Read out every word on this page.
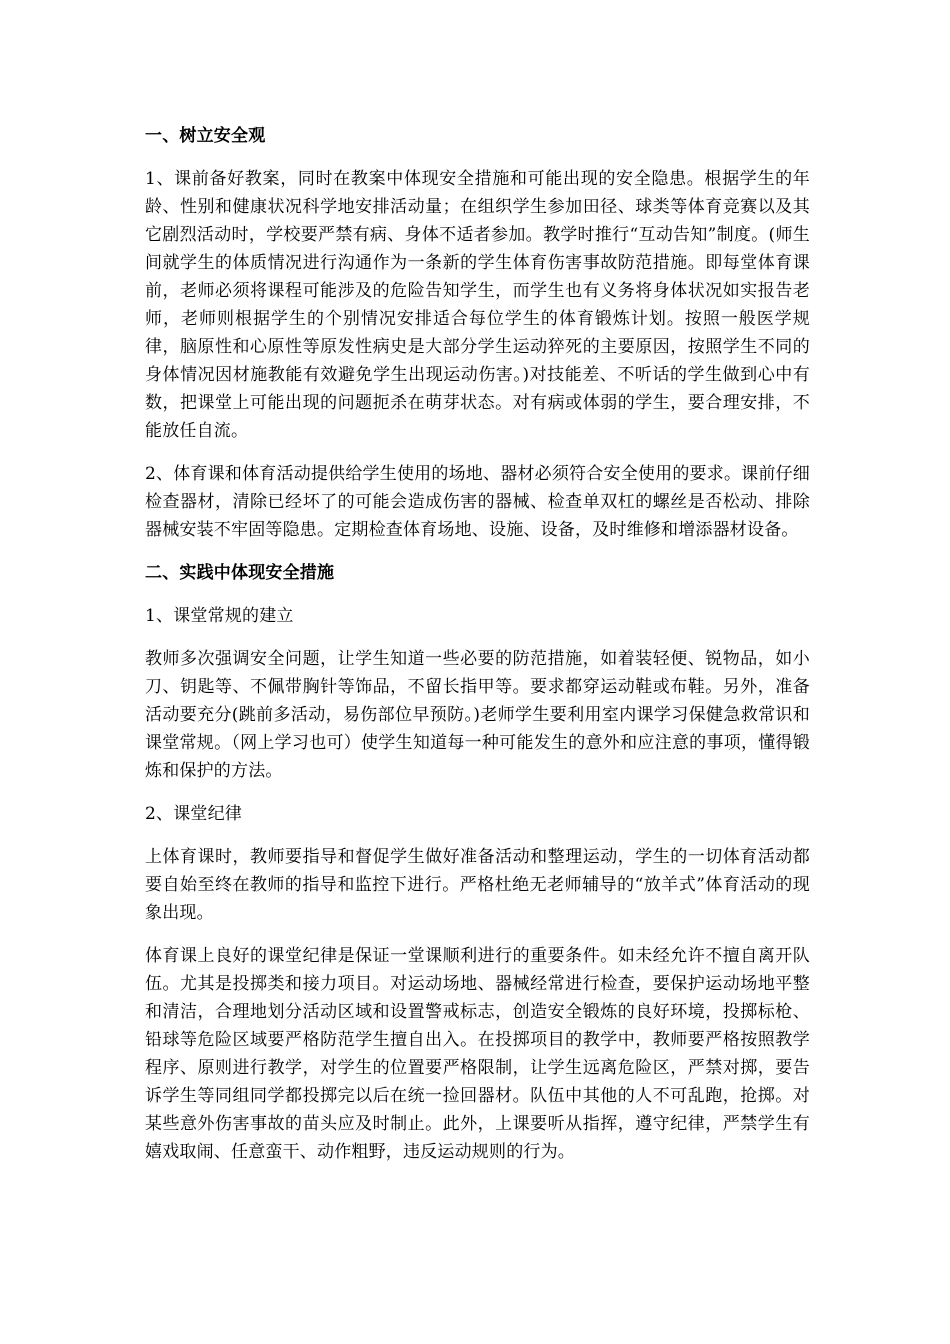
一、树立安全观
1、课前备好教案，同时在教案中体现安全措施和可能出现的安全隐患。根据学生的年龄、性别和健康状况科学地安排活动量；在组织学生参加田径、球类等体育竞赛以及其它剧烈活动时，学校要严禁有病、身体不适者参加。教学时推行“互动告知”制度。(师生间就学生的体质情况进行沟通作为一条新的学生体育伤害事故防范措施。即每堂体育课前，老师必须将课程可能涉及的危险告知学生，而学生也有义务将身体状况如实报告老师，老师则根据学生的个别情况安排适合每位学生的体育锻炼计划。按照一般医学规律，脑原性和心原性等原发性病史是大部分学生运动猝死的主要原因，按照学生不同的身体情况因材施教能有效避免学生出现运动伤害。)对技能差、不听话的学生做到心中有数，把课堂上可能出现的问题扼杀在萌芽状态。对有病或体弱的学生，要合理安排，不能放任自流。
2、体育课和体育活动提供给学生使用的场地、器材必须符合安全使用的要求。课前仔细检查器材，清除已经坏了的可能会造成伤害的器械、检查单双杠的螺丝是否松动、排除器械安装不牢固等隐患。定期检查体育场地、设施、设备，及时维修和增添器材设备。
二、实践中体现安全措施
1、课堂常规的建立
教师多次强调安全问题，让学生知道一些必要的防范措施，如着装轻便、锐物品，如小刀、钥匙等、不佩带胸针等饰品，不留长指甲等。要求都穿运动鞋或布鞋。另外，准备活动要充分(跳前多活动，易伤部位早预防。)老师学生要利用室内课学习保健急救常识和课堂常规。（网上学习也可）使学生知道每一种可能发生的意外和应注意的事项，懂得锻炼和保护的方法。
2、课堂纪律
上体育课时，教师要指导和督促学生做好准备活动和整理运动，学生的一切体育活动都要自始至终在教师的指导和监控下进行。严格杜绝无老师辅导的“放羊式”体育活动的现象出现。
体育课上良好的课堂纪律是保证一堂课顺利进行的重要条件。如未经允许不擅自离开队伍。尤其是投掷类和接力项目。对运动场地、器械经常进行检查，要保护运动场地平整和清洁，合理地划分活动区域和设置警戒标志，创造安全锻炼的良好环境，投掷标枪、铅球等危险区域要严格防范学生擅自出入。在投掷项目的教学中，教师要严格按照教学程序、原则进行教学，对学生的位置要严格限制，让学生远离危险区，严禁对掷，要告诉学生等同组同学都投掷完以后在统一捡回器材。队伍中其他的人不可乱跑，抢掷。对某些意外伤害事故的苗头应及时制止。此外，上课要听从指挥，遵守纪律，严禁学生有嬉戏取闹、任意蛮干、动作粗野，违反运动规则的行为。
